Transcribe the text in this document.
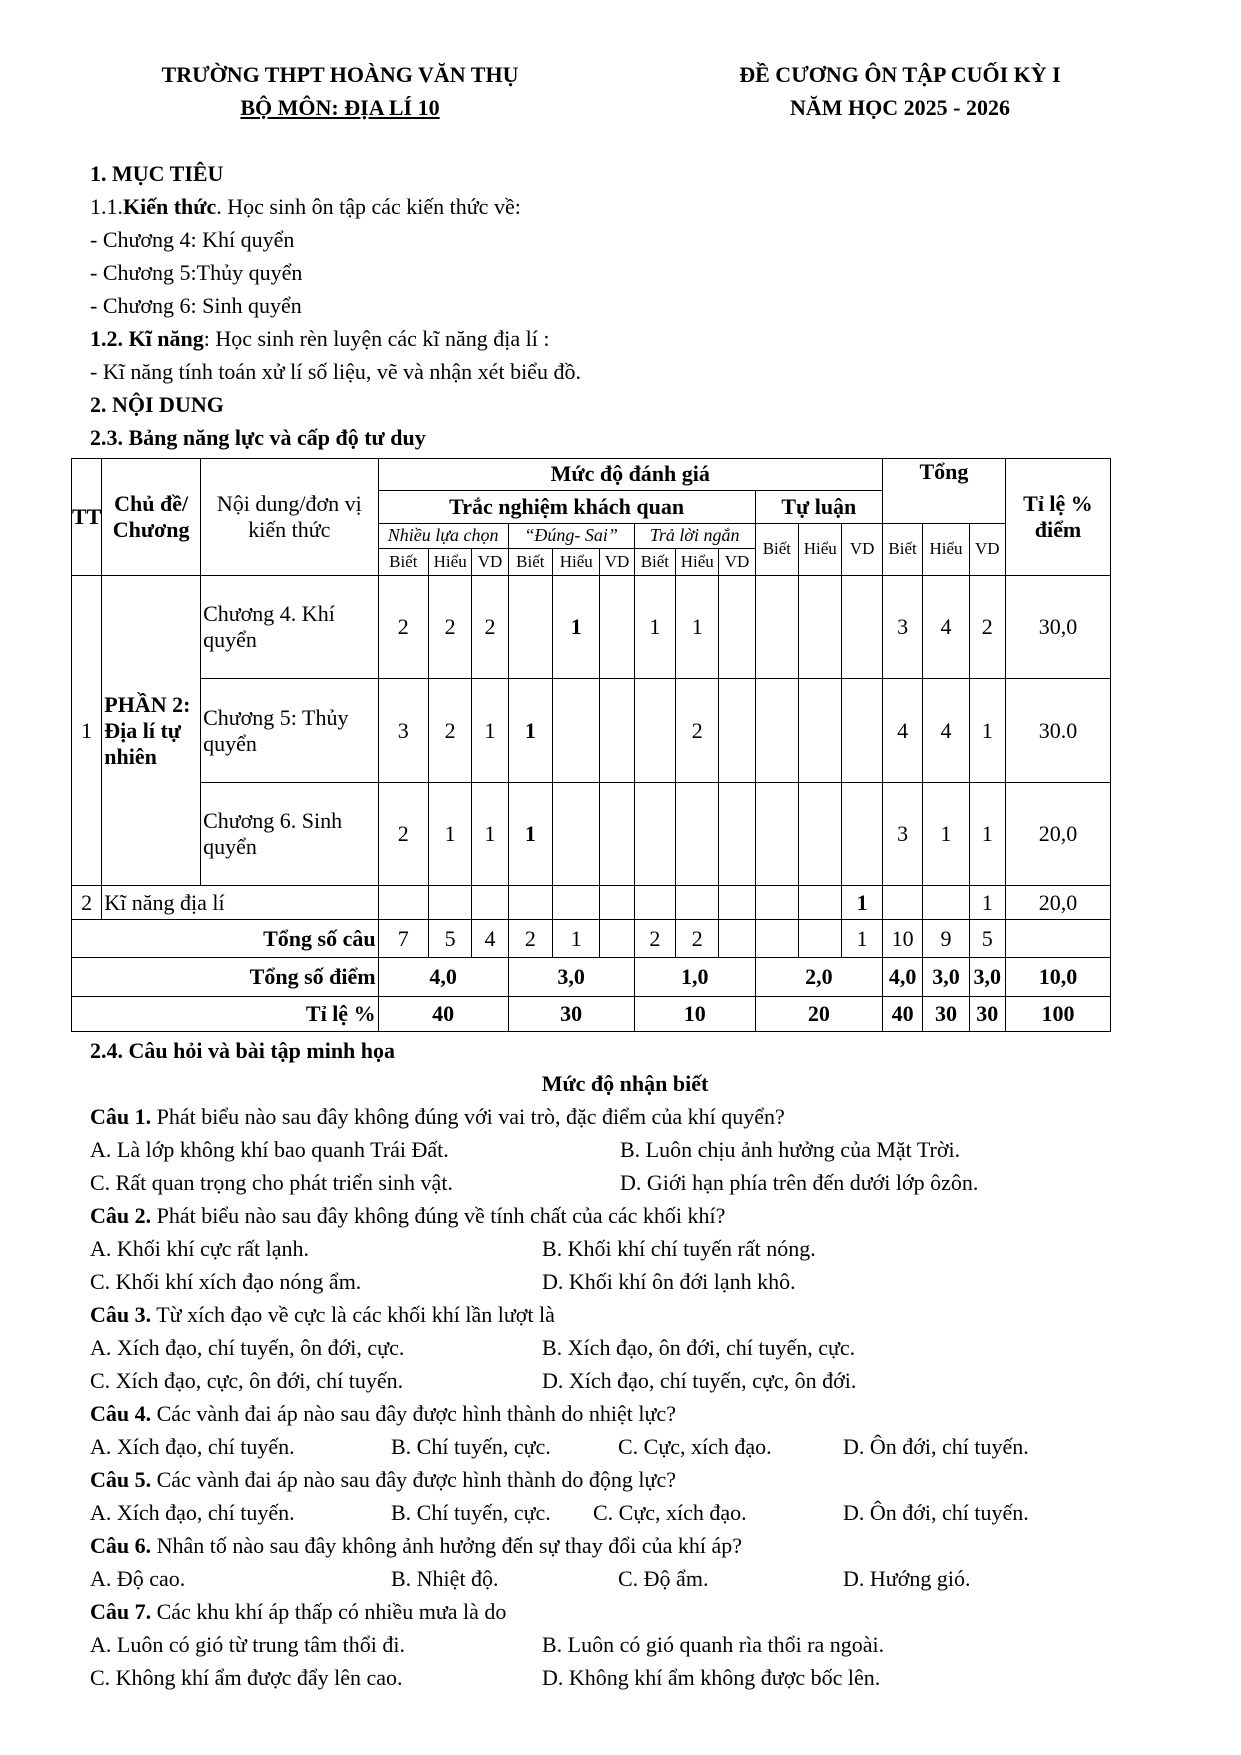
TRƯỜNG THPT HOÀNG VĂN THỤ
BỘ MÔN: ĐỊA LÍ 10
ĐỀ CƯƠNG ÔN TẬP CUỐI KỲ I
NĂM HỌC 2025 - 2026
1. MỤC TIÊU
1.1.Kiến thức. Học sinh ôn tập các kiến thức về:
- Chương 4: Khí quyển
- Chương 5:Thủy quyển
- Chương 6: Sinh quyển
1.2. Kĩ năng: Học sinh rèn luyện các kĩ năng địa lí :
- Kĩ năng tính toán xử lí số liệu, vẽ và nhận xét biểu đồ.
2. NỘI DUNG
2.3. Bảng năng lực và cấp độ tư duy
TT	Chủ đề/ Chương	Nội dung/đơn vị kiến thức	Mức độ đánh giá												Tổng			Tỉ lệ % điểm
			Trắc nghiệm khách quan									Tự luận						
			Nhiều lựa chọn			“Đúng- Sai”			Trả lời ngắn			Biết	Hiểu	VD	Biết	Hiểu	VD	
			Biết	Hiểu	VD	Biết	Hiểu	VD	Biết	Hiểu	VD							
1	PHẦN 2: Địa lí tự nhiên	Chương 4. Khí quyển	2	2	2		1		1	1					3	4	2	30,0
		Chương 5: Thủy quyển	3	2	1	1				2					4	4	1	30.0
		Chương 6. Sinh quyển	2	1	1	1									3	1	1	20,0
2	Kĩ năng địa lí													1			1	20,0
Tổng số câu			7	5	4	2	1		2	2				1	10	9	5	
Tổng số điểm			4,0			3,0			1,0			2,0			4,0	3,0	3,0	10,0
Tỉ lệ %			40			30			10			20			40	30	30	100
2.4. Câu hỏi và bài tập minh họa
Mức độ nhận biết
Câu 1. Phát biểu nào sau đây không đúng với vai trò, đặc điểm của khí quyển?
A. Là lớp không khí bao quanh Trái Đất.	B. Luôn chịu ảnh hưởng của Mặt Trời.
C. Rất quan trọng cho phát triển sinh vật.	D. Giới hạn phía trên đến dưới lớp ôzôn.
Câu 2. Phát biểu nào sau đây không đúng về tính chất của các khối khí?
A. Khối khí cực rất lạnh.	B. Khối khí chí tuyến rất nóng.
C. Khối khí xích đạo nóng ẩm.	D. Khối khí ôn đới lạnh khô.
Câu 3. Từ xích đạo về cực là các khối khí lần lượt là
A. Xích đạo, chí tuyến, ôn đới, cực.	B. Xích đạo, ôn đới, chí tuyến, cực.
C. Xích đạo, cực, ôn đới, chí tuyến.	D. Xích đạo, chí tuyến, cực, ôn đới.
Câu 4. Các vành đai áp nào sau đây được hình thành do nhiệt lực?
A. Xích đạo, chí tuyến.	B. Chí tuyến, cực.	C. Cực, xích đạo.	D. Ôn đới, chí tuyến.
Câu 5. Các vành đai áp nào sau đây được hình thành do động lực?
A. Xích đạo, chí tuyến.	B. Chí tuyến, cực. C. Cực, xích đạo.	D. Ôn đới, chí tuyến.
Câu 6. Nhân tố nào sau đây không ảnh hưởng đến sự thay đổi của khí áp?
A. Độ cao.	B. Nhiệt độ.	C. Độ ẩm.	D. Hướng gió.
Câu 7. Các khu khí áp thấp có nhiều mưa là do
A. Luôn có gió từ trung tâm thổi đi.	B. Luôn có gió quanh rìa thổi ra ngoài.
C. Không khí ẩm được đẩy lên cao.	D. Không khí ẩm không được bốc lên.
